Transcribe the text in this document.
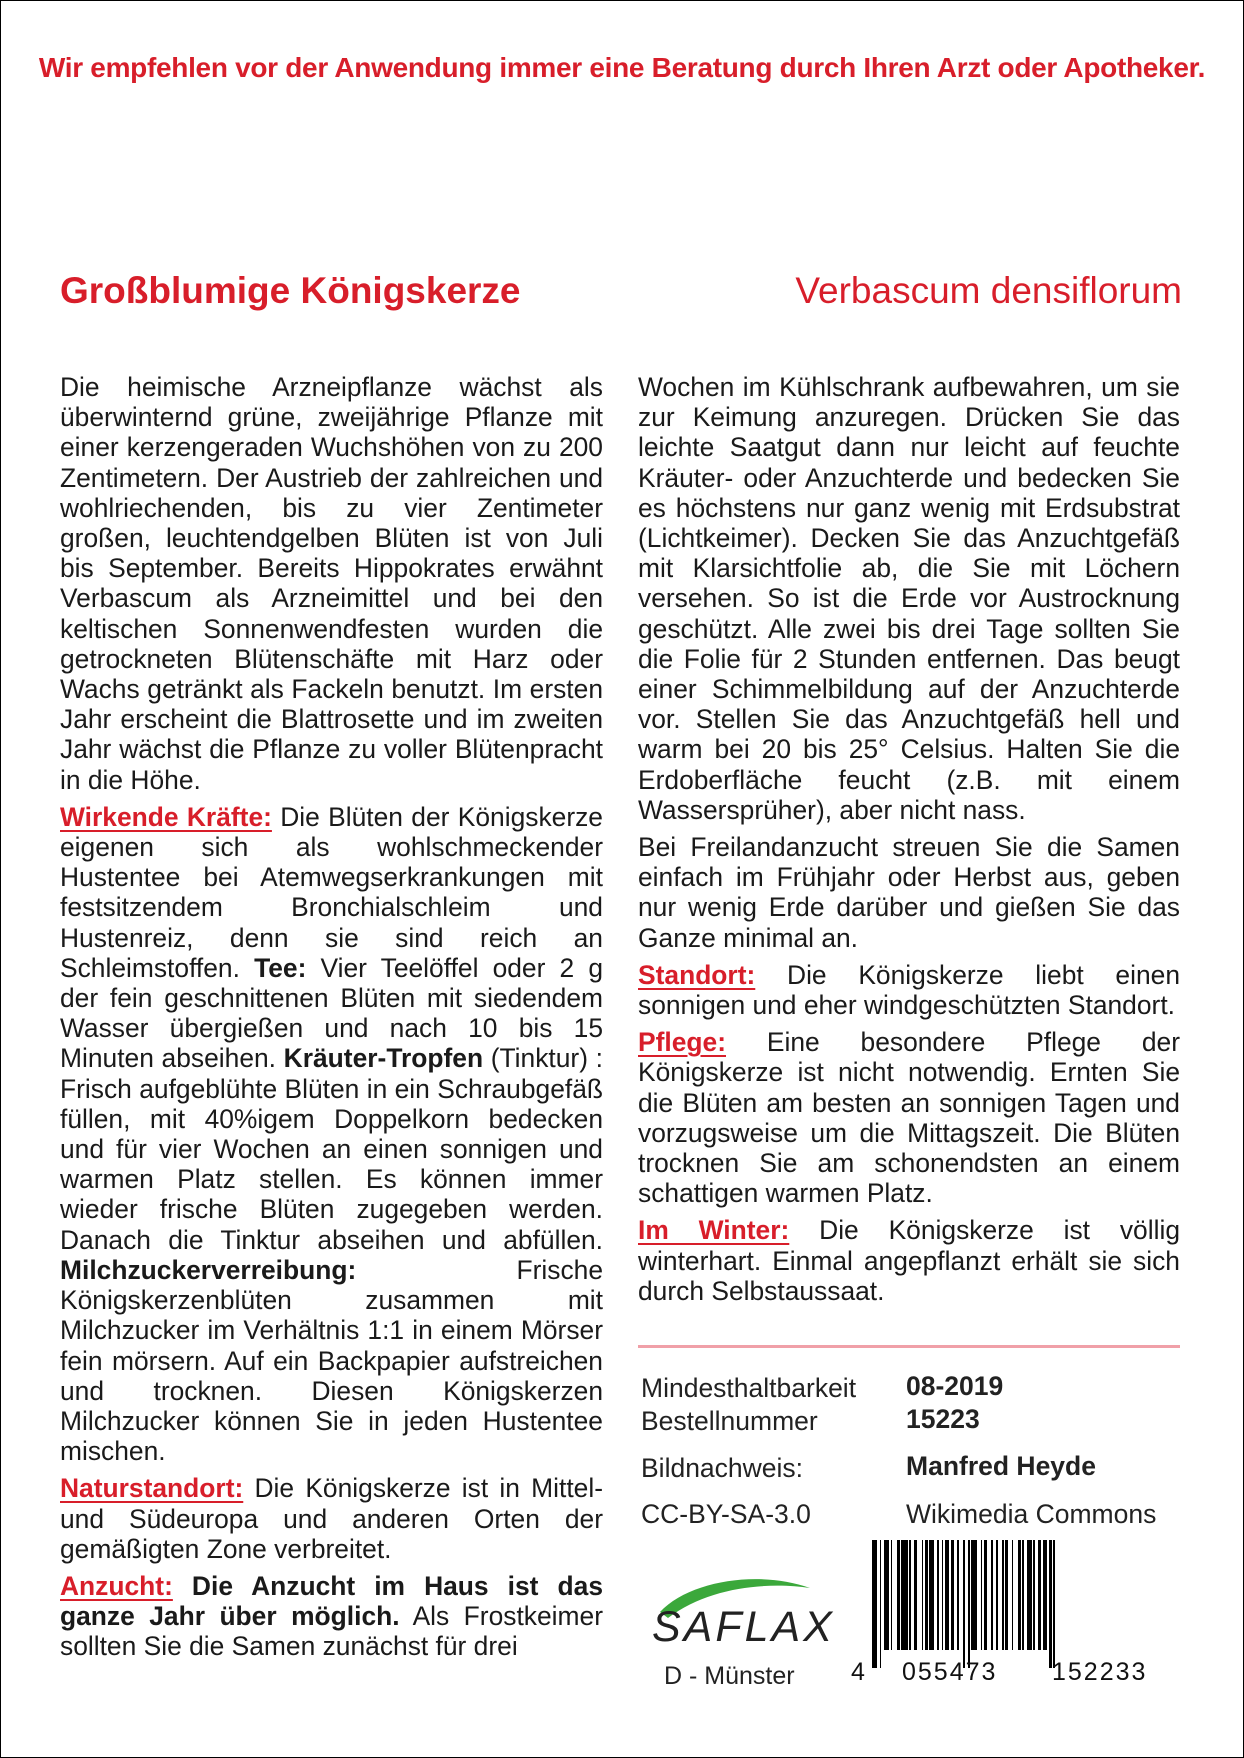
Wir empfehlen vor der Anwendung immer eine Beratung durch Ihren Arzt oder Apotheker.
Großblumige Königskerze	Verbascum densiflorum

Die heimische Arzneipflanze wächst als überwinternd grüne, zweijährige Pflanze mit einer kerzengeraden Wuchshöhen von zu 200 Zentimetern. Der Austrieb der zahlreichen und wohlriechenden, bis zu vier Zentimeter großen, leuchtendgelben Blüten ist von Juli bis September. Bereits Hippokrates erwähnt Verbascum als Arzneimittel und bei den keltischen Sonnenwendfesten wurden die getrockneten Blütenschäfte mit Harz oder Wachs getränkt als Fackeln benutzt. Im ersten Jahr erscheint die Blattrosette und im zweiten Jahr wächst die Pflanze zu voller Blütenpracht in die Höhe.

Wirkende Kräfte: Die Blüten der Königskerze eigenen sich als wohlschmeckender Hustentee bei Atemwegserkrankungen mit festsitzendem Bronchialschleim und Hustenreiz, denn sie sind reich an Schleimstoffen. Tee: Vier Teelöffel oder 2 g der fein geschnittenen Blüten mit siedendem Wasser übergießen und nach 10 bis 15 Minuten abseihen. Kräuter-Tropfen (Tinktur) : Frisch aufgeblühte Blüten in ein Schraubgefäß füllen, mit 40%igem Doppelkorn bedecken und für vier Wochen an einen sonnigen und warmen Platz stellen. Es können immer wieder frische Blüten zugegeben werden. Danach die Tinktur abseihen und abfüllen. Milchzuckerverreibung: Frische Königskerzenblüten zusammen mit Milchzucker im Verhältnis 1:1 in einem Mörser fein mörsern. Auf ein Backpapier aufstreichen und trocknen. Diesen Königskerzen Milchzucker können Sie in jeden Hustentee mischen.

Naturstandort: Die Königskerze ist in Mittel- und Südeuropa und anderen Orten der gemäßigten Zone verbreitet.

Anzucht: Die Anzucht im Haus ist das ganze Jahr über möglich. Als Frostkeimer sollten Sie die Samen zunächst für drei

Wochen im Kühlschrank aufbewahren, um sie zur Keimung anzuregen. Drücken Sie das leichte Saatgut dann nur leicht auf feuchte Kräuter- oder Anzuchterde und bedecken Sie es höchstens nur ganz wenig mit Erdsubstrat (Lichtkeimer). Decken Sie das Anzuchtgefäß mit Klarsichtfolie ab, die Sie mit Löchern versehen. So ist die Erde vor Austrocknung geschützt. Alle zwei bis drei Tage sollten Sie die Folie für 2 Stunden entfernen. Das beugt einer Schimmelbildung auf der Anzuchterde vor. Stellen Sie das Anzuchtgefäß hell und warm bei 20 bis 25° Celsius. Halten Sie die Erdoberfläche feucht (z.B. mit einem Wassersprüher), aber nicht nass.

Bei Freilandanzucht streuen Sie die Samen einfach im Frühjahr oder Herbst aus, geben nur wenig Erde darüber und gießen Sie das Ganze minimal an.

Standort: Die Königskerze liebt einen sonnigen und eher windgeschützten Standort.

Pflege: Eine besondere Pflege der Königskerze ist nicht notwendig. Ernten Sie die Blüten am besten an sonnigen Tagen und vorzugsweise um die Mittagszeit. Die Blüten trocknen Sie am schonendsten an einem schattigen warmen Platz.

Im Winter: Die Königskerze ist völlig winterhart. Einmal angepflanzt erhält sie sich durch Selbstaussaat.

Mindesthaltbarkeit 08-2019
Bestellnummer	15223
Bildnachweis:	Manfred Heyde
CC-BY-SA-3.0	Wikimedia Commons
SAFLAX
D - Münster 4 055473 152233
